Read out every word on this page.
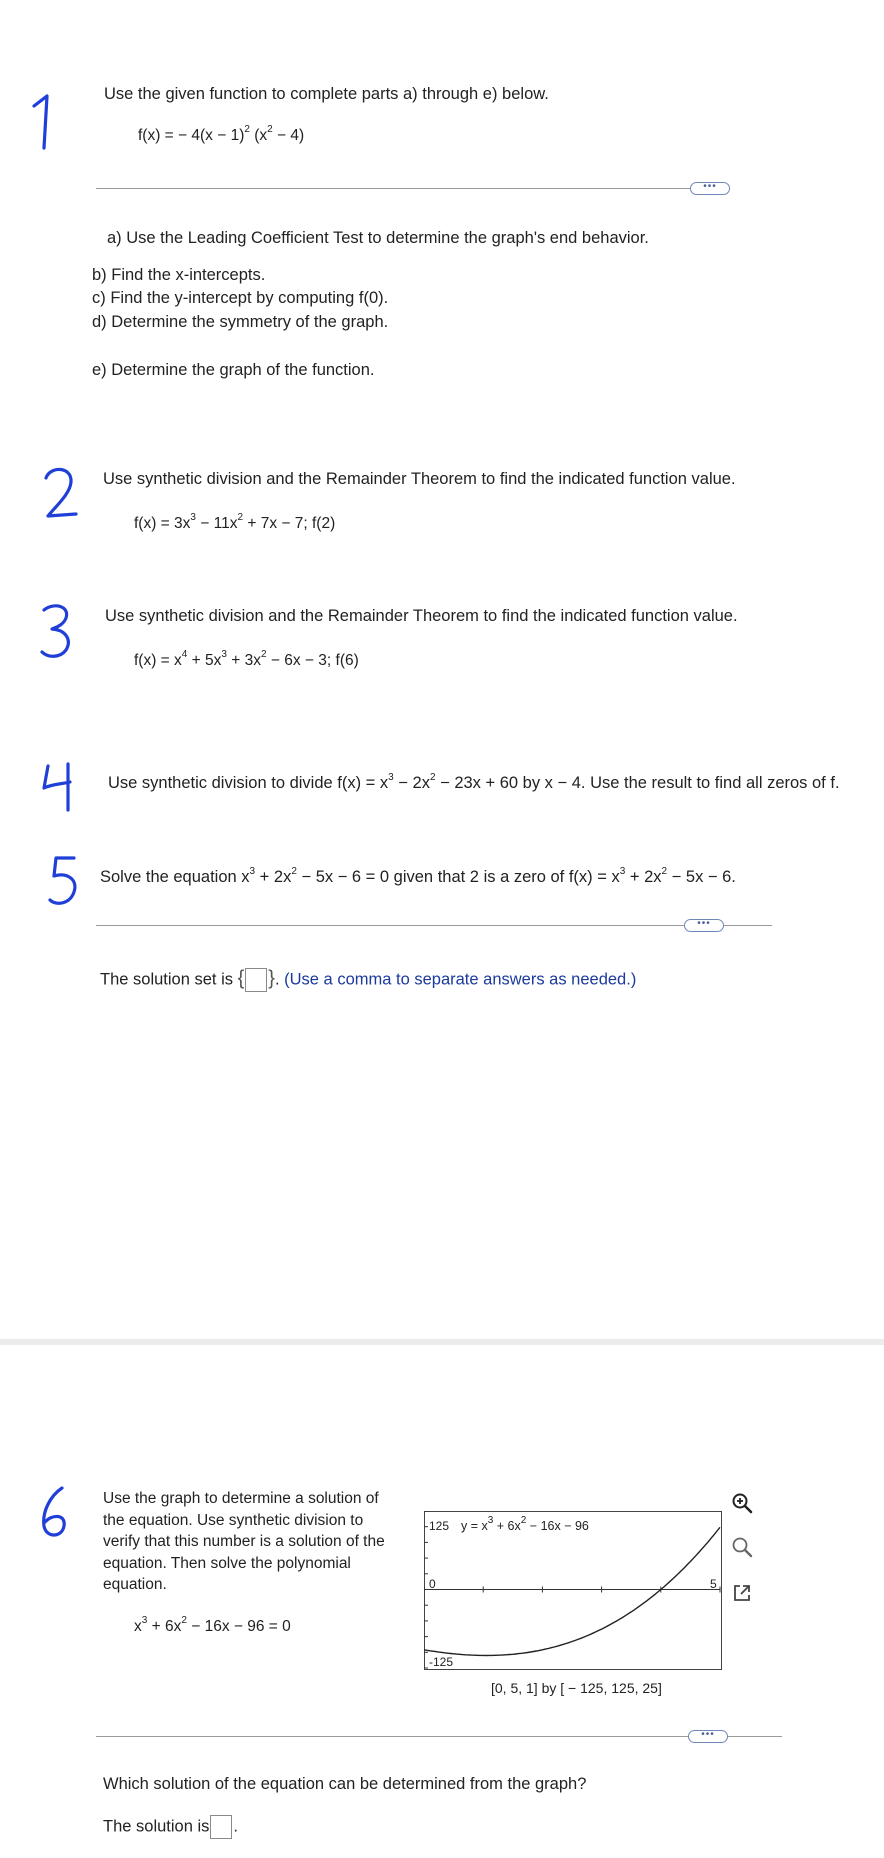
Use the given function to complete parts a) through e) below.
f(x) = − $4(x - 1)^2$ $(x^2 - 4)$
•••
a) Use the Leading Coefficient Test to determine the graph's end behavior.
b) Find the x-intercepts.
c) Find the y-intercept by computing f(0).
d) Determine the symmetry of the graph.
e) Determine the graph of the function.
Use synthetic division and the Remainder Theorem to find the indicated function value.
$f(x) = 3x^3 - 11x^2 + 7x - 7$; f(2)
Use synthetic division and the Remainder Theorem to find the indicated function value.
$f(x) = x^4 + 5x^3 + 3x^2 - 6x - 3$; f(6)
Use synthetic division to divide $f(x) = x^3 - 2x^2 - 23x + 60$ by x − 4. Use the result to find all zeros of f.
Solve the equation $x^3 + 2x^2 - 5x - 6 = 0$ given that 2 is a zero of $f(x) = x^3 + 2x^2 - 5x - 6$.
•••
The solution set is { }. (Use a comma to separate answers as needed.)
Use the graph to determine a solution of
the equation. Use synthetic division to
verify that this number is a solution of the
equation. Then solve the polynomial
equation.
$x^3 + 6x^2 - 16x - 96 = 0$
125 $y = x^3 + 6x^2 - 16x - 96$
0	5
-125
[0, 5, 1] by [ − 125, 125, 25]
•••
Which solution of the equation can be determined from the graph?
The solution is .
